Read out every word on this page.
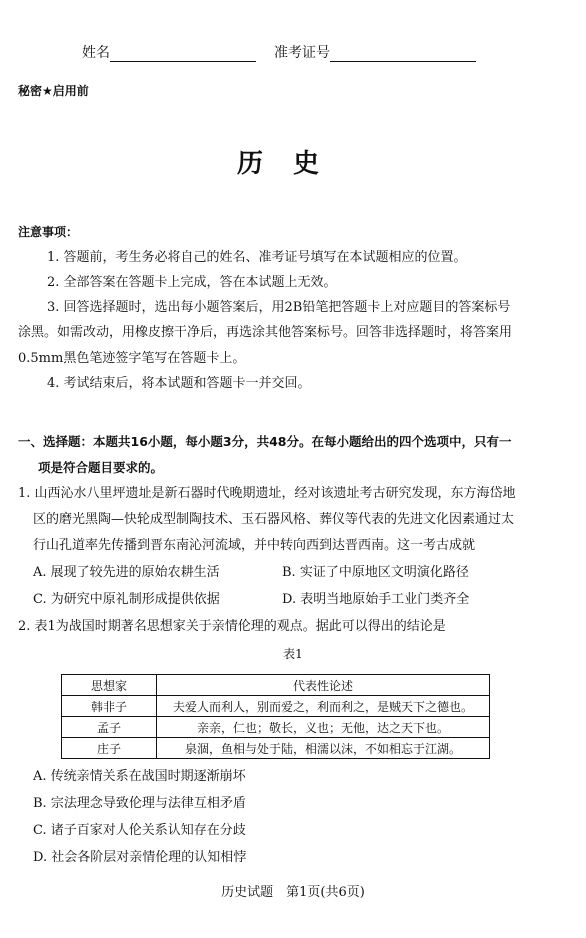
姓名	准考证号
秘密★启用前
历史
注意事项：
1. 答题前，考生务必将自己的姓名、准考证号填写在本试题相应的位置。
2. 全部答案在答题卡上完成，答在本试题上无效。
3. 回答选择题时，选出每小题答案后，用2B铅笔把答题卡上对应题目的答案标号
涂黑。如需改动，用橡皮擦干净后，再选涂其他答案标号。回答非选择题时，将答案用
0.5mm黑色笔迹签字笔写在答题卡上。
4. 考试结束后，将本试题和答题卡一并交回。
一、选择题：本题共16小题，每小题3分，共48分。在每小题给出的四个选项中，只有一
项是符合题目要求的。
1. 山西沁水八里坪遗址是新石器时代晚期遗址，经对该遗址考古研究发现，东方海岱地
区的磨光黑陶—快轮成型制陶技术、玉石器风格、葬仪等代表的先进文化因素通过太
行山孔道率先传播到晋东南沁河流域，并中转向西到达晋西南。这一考古成就
A. 展现了较先进的原始农耕生活	B. 实证了中原地区文明演化路径
C. 为研究中原礼制形成提供依据	D. 表明当地原始手工业门类齐全
2. 表1为战国时期著名思想家关于亲情伦理的观点。据此可以得出的结论是
表1
思想家	代表性论述
韩非子	夫爱人而利人，别而爱之，利而利之，是贼天下之德也。
孟子	亲亲，仁也；敬长，义也；无他，达之天下也。
庄子	泉涸，鱼相与处于陆，相濡以沫，不如相忘于江湖。
A. 传统亲情关系在战国时期逐渐崩坏
B. 宗法理念导致伦理与法律互相矛盾
C. 诸子百家对人伦关系认知存在分歧
D. 社会各阶层对亲情伦理的认知相悖
历史试题　第1页(共6页)
